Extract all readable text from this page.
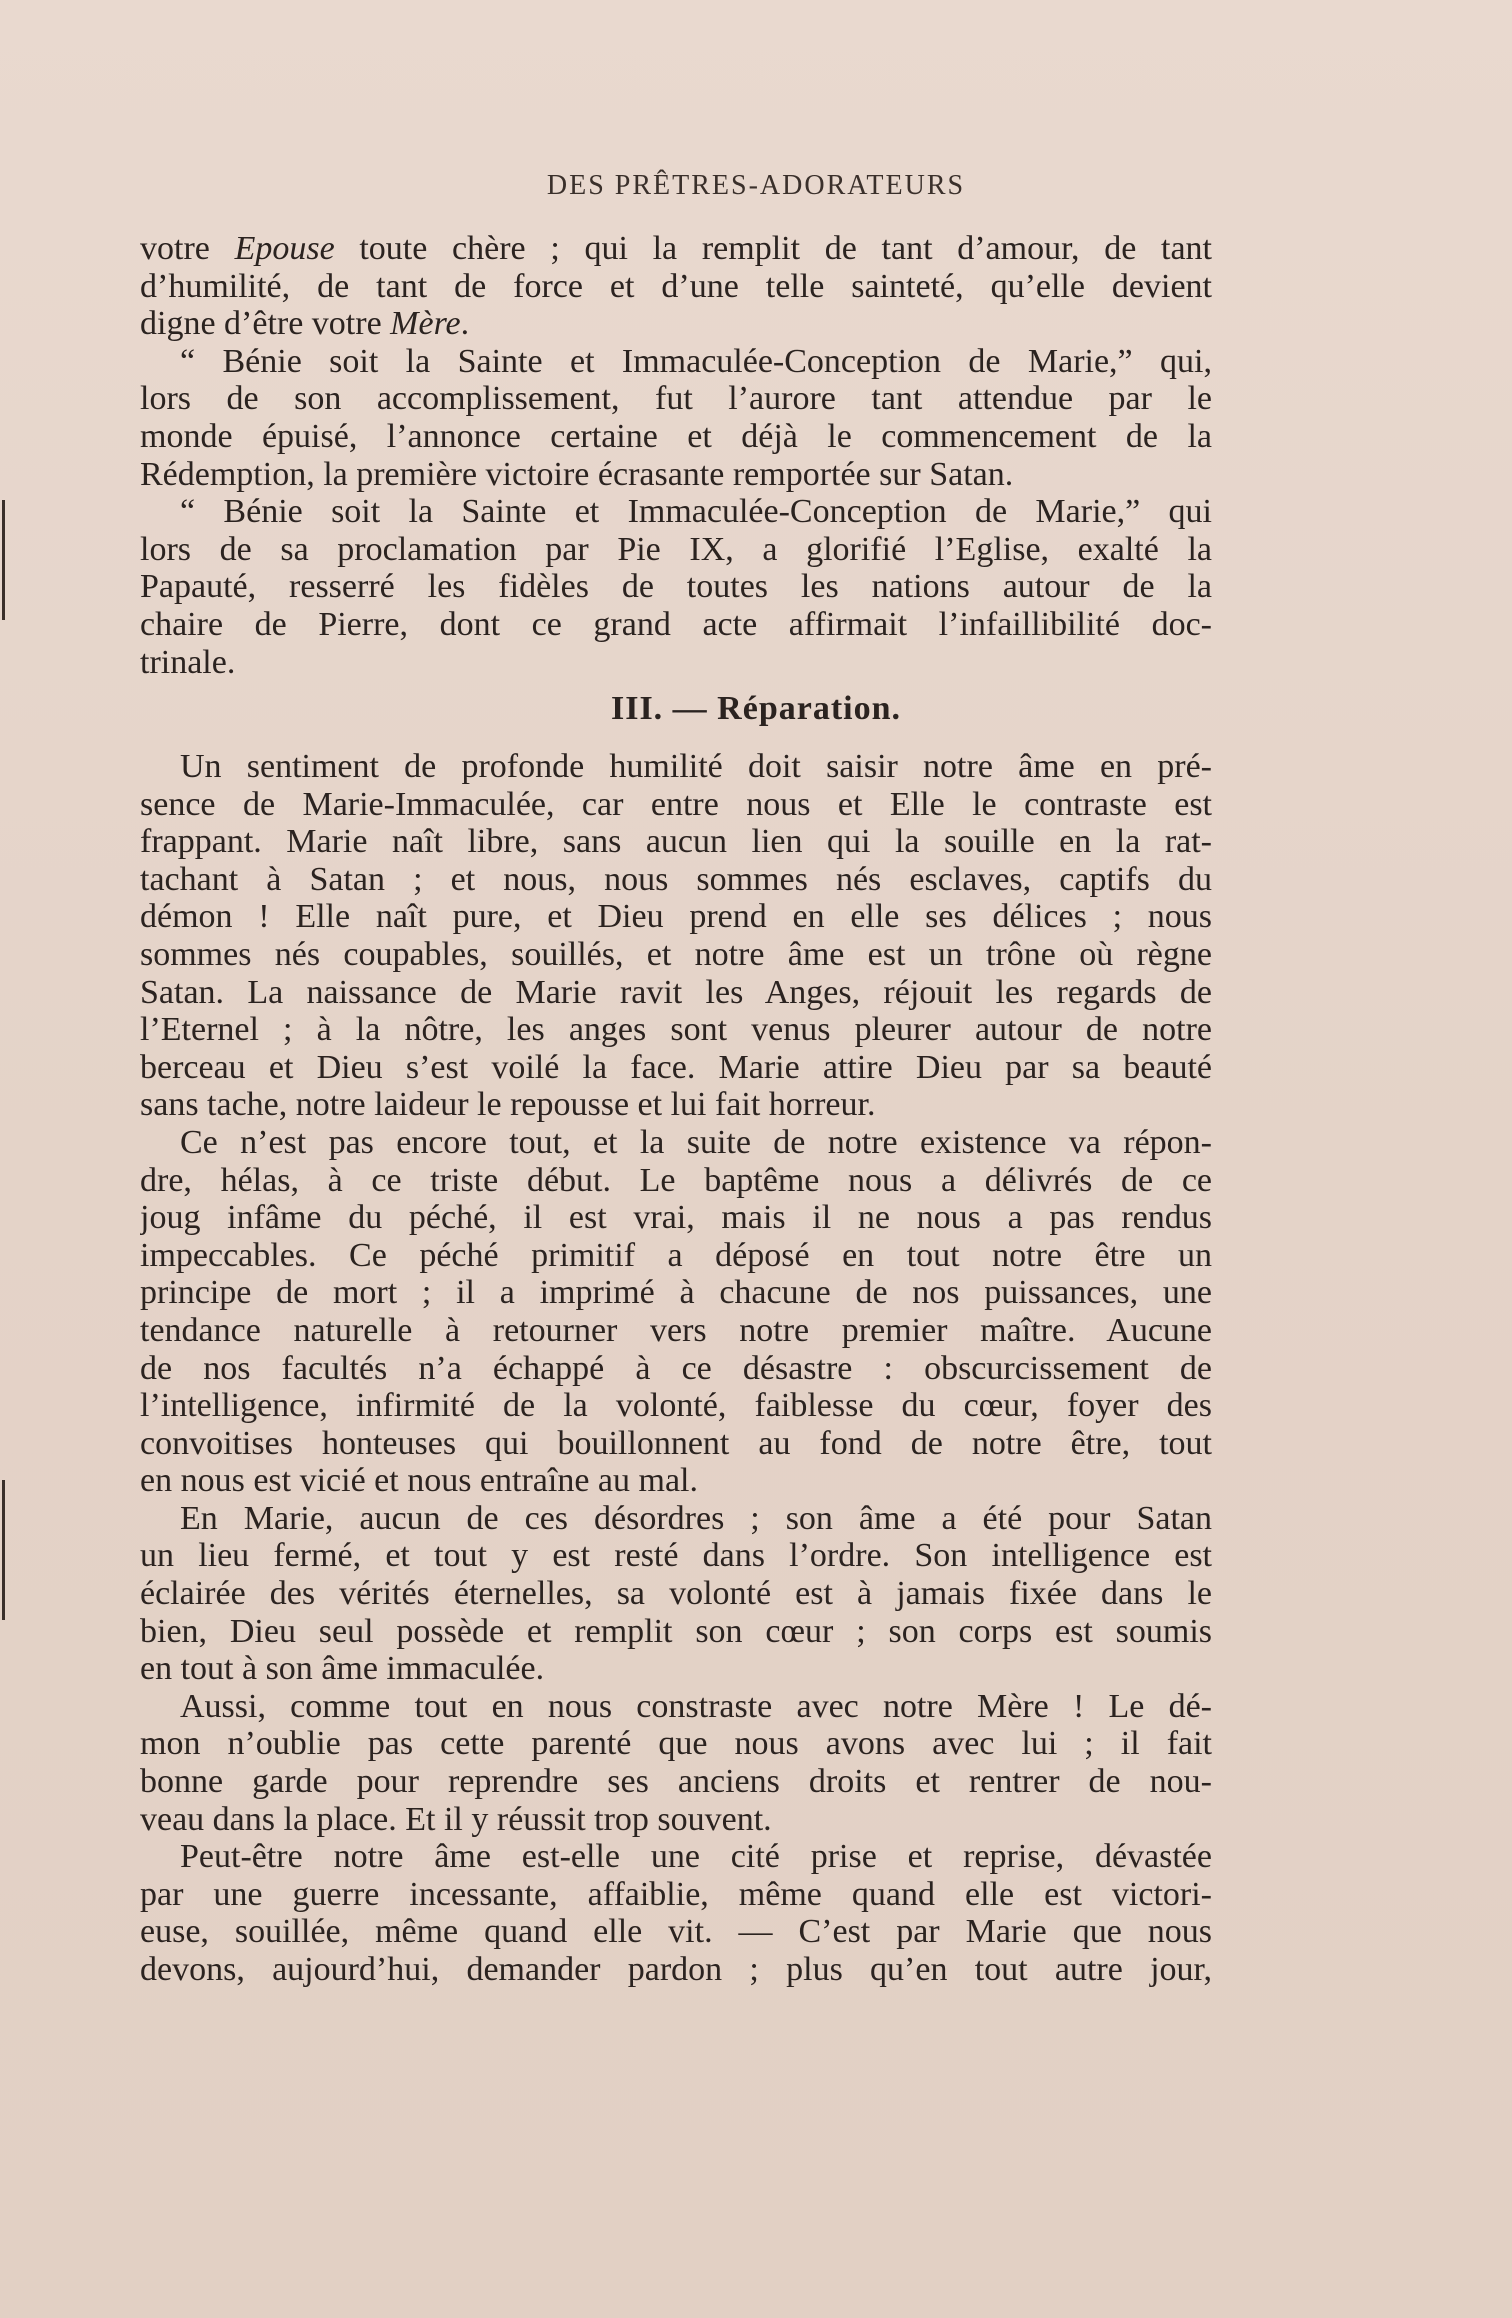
DES PRÊTRES-ADORATEURS
votre Epouse toute chère ; qui la remplit de tant d’amour, de tant
d’humilité, de tant de force et d’une telle sainteté, qu’elle devient
digne d’être votre Mère.
“ Bénie soit la Sainte et Immaculée-Conception de Marie,” qui,
lors de son accomplissement, fut l’aurore tant attendue par le
monde épuisé, l’annonce certaine et déjà le commencement de la
Rédemption, la première victoire écrasante remportée sur Satan.
“ Bénie soit la Sainte et Immaculée-Conception de Marie,” qui
lors de sa proclamation par Pie IX, a glorifié l’Eglise, exalté la
Papauté, resserré les fidèles de toutes les nations autour de la
chaire de Pierre, dont ce grand acte affirmait l’infaillibilité doc-
trinale.
III. — Réparation.
Un sentiment de profonde humilité doit saisir notre âme en pré-
sence de Marie-Immaculée, car entre nous et Elle le contraste est
frappant. Marie naît libre, sans aucun lien qui la souille en la rat-
tachant à Satan ; et nous, nous sommes nés esclaves, captifs du
démon ! Elle naît pure, et Dieu prend en elle ses délices ; nous
sommes nés coupables, souillés, et notre âme est un trône où règne
Satan. La naissance de Marie ravit les Anges, réjouit les regards de
l’Eternel ; à la nôtre, les anges sont venus pleurer autour de notre
berceau et Dieu s’est voilé la face. Marie attire Dieu par sa beauté
sans tache, notre laideur le repousse et lui fait horreur.
Ce n’est pas encore tout, et la suite de notre existence va répon-
dre, hélas, à ce triste début. Le baptême nous a délivrés de ce
joug infâme du péché, il est vrai, mais il ne nous a pas rendus
impeccables. Ce péché primitif a déposé en tout notre être un
principe de mort ; il a imprimé à chacune de nos puissances, une
tendance naturelle à retourner vers notre premier maître. Aucune
de nos facultés n’a échappé à ce désastre : obscurcissement de
l’intelligence, infirmité de la volonté, faiblesse du cœur, foyer des
convoitises honteuses qui bouillonnent au fond de notre être, tout
en nous est vicié et nous entraîne au mal.
En Marie, aucun de ces désordres ; son âme a été pour Satan
un lieu fermé, et tout y est resté dans l’ordre. Son intelligence est
éclairée des vérités éternelles, sa volonté est à jamais fixée dans le
bien, Dieu seul possède et remplit son cœur ; son corps est soumis
en tout à son âme immaculée.
Aussi, comme tout en nous constraste avec notre Mère ! Le dé-
mon n’oublie pas cette parenté que nous avons avec lui ; il fait
bonne garde pour reprendre ses anciens droits et rentrer de nou-
veau dans la place. Et il y réussit trop souvent.
Peut-être notre âme est-elle une cité prise et reprise, dévastée
par une guerre incessante, affaiblie, même quand elle est victori-
euse, souillée, même quand elle vit. — C’est par Marie que nous
devons, aujourd’hui, demander pardon ; plus qu’en tout autre jour,
